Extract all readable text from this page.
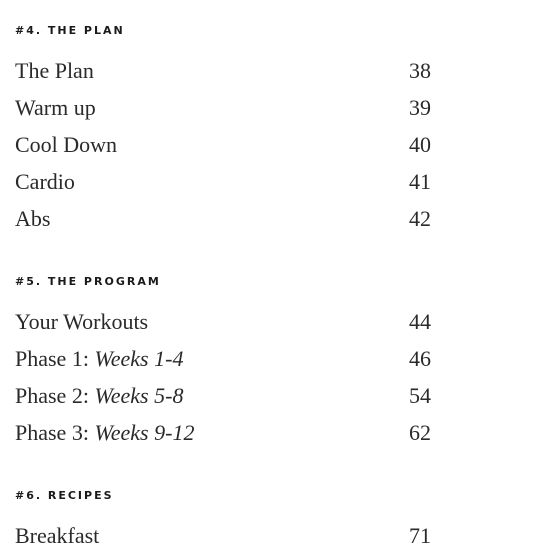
#4. THE PLAN
The Plan	38
Warm up	39
Cool Down	40
Cardio	41
Abs	42
#5. THE PROGRAM
Your Workouts	44
Phase 1: Weeks 1-4	46
Phase 2: Weeks 5-8	54
Phase 3: Weeks 9-12	62
#6. RECIPES
Breakfast	71
